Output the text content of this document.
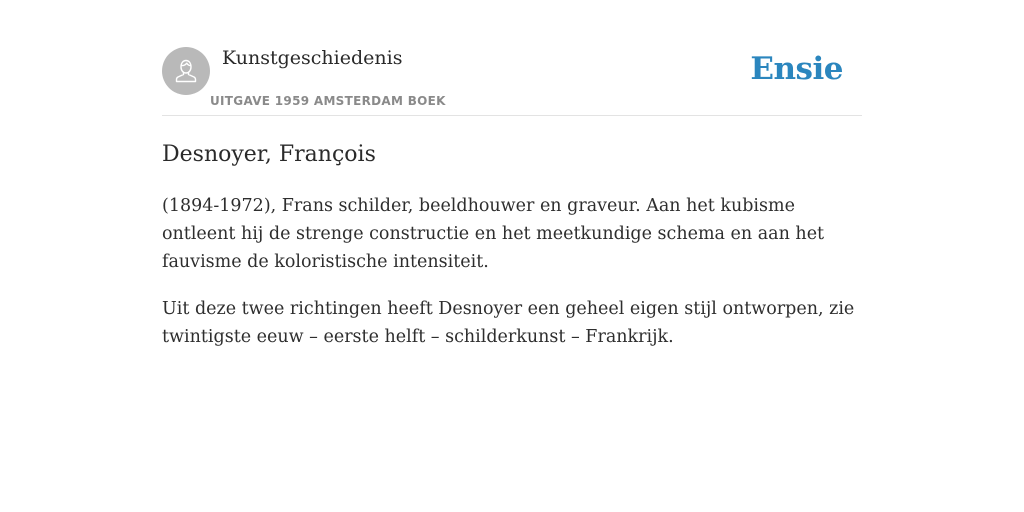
Kunstgeschiedenis
UITGAVE 1959 AMSTERDAM BOEK
Ensie
Desnoyer, François

(1894-1972), Frans schilder, beeldhouwer en graveur. Aan het kubisme ontleent hij de strenge constructie en het meetkundige schema en aan het fauvisme de koloristische intensiteit.

Uit deze twee richtingen heeft Desnoyer een geheel eigen stijl ontworpen, zie twintigste eeuw – eerste helft – schilderkunst – Frankrijk.
